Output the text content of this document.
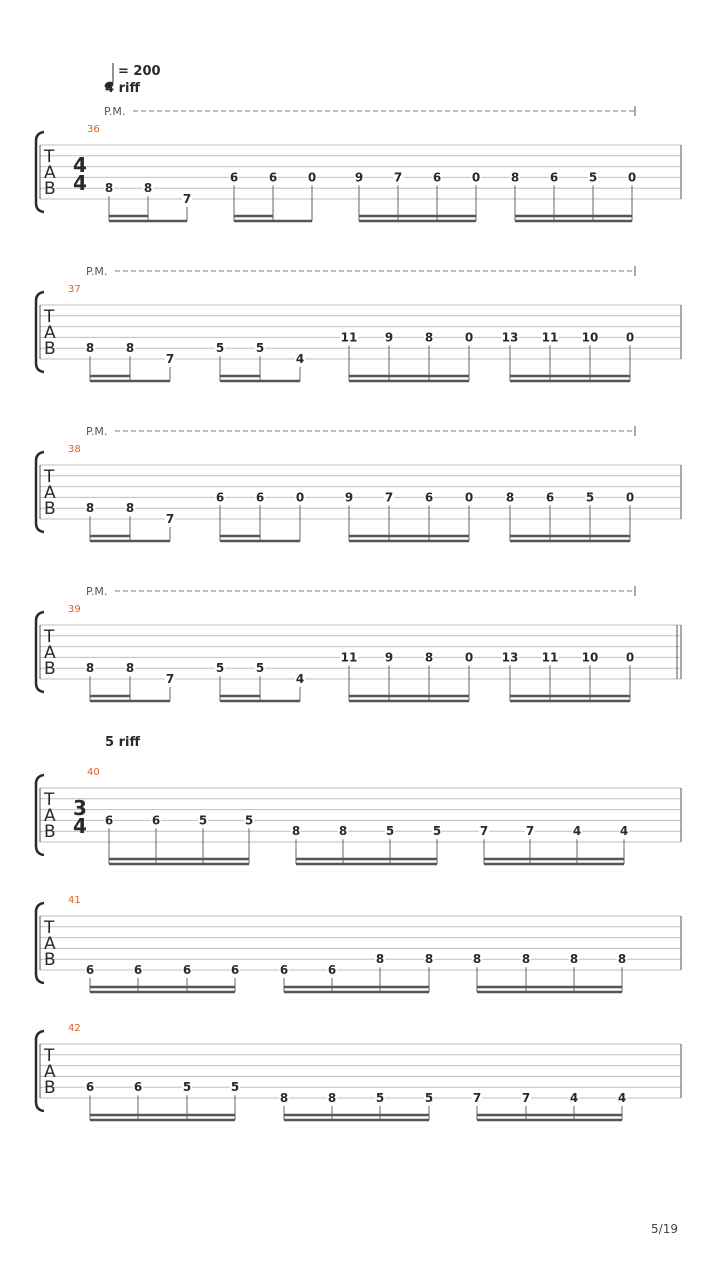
= 200
4 riff
P.M.
36
T
A
B
4
4 8	8
7
6	6	0	9	7	6	0	8	6	5	0
P.M.
37
T
A
B	8	8
7
5	5
4
11 9	8	0 13 11 10 0
P.M.
38
T
A
B	8	8
7
6	6	0	9	7	6	0	8	6	5	0
P.M.
39
T
A
B	8	8
7
5	5
4
11 9	8	0 13 11 10 0
5 riff
40
T
A
B
3
4 6	6	5	5
8	8	5	5	7	7	4	4
41
T
A
B	6	6	6	6	6	6
8	8	8	8	8	8
42
T
A
B	6	6	5	5
8	8	5	5	7	7	4	4
5/19
